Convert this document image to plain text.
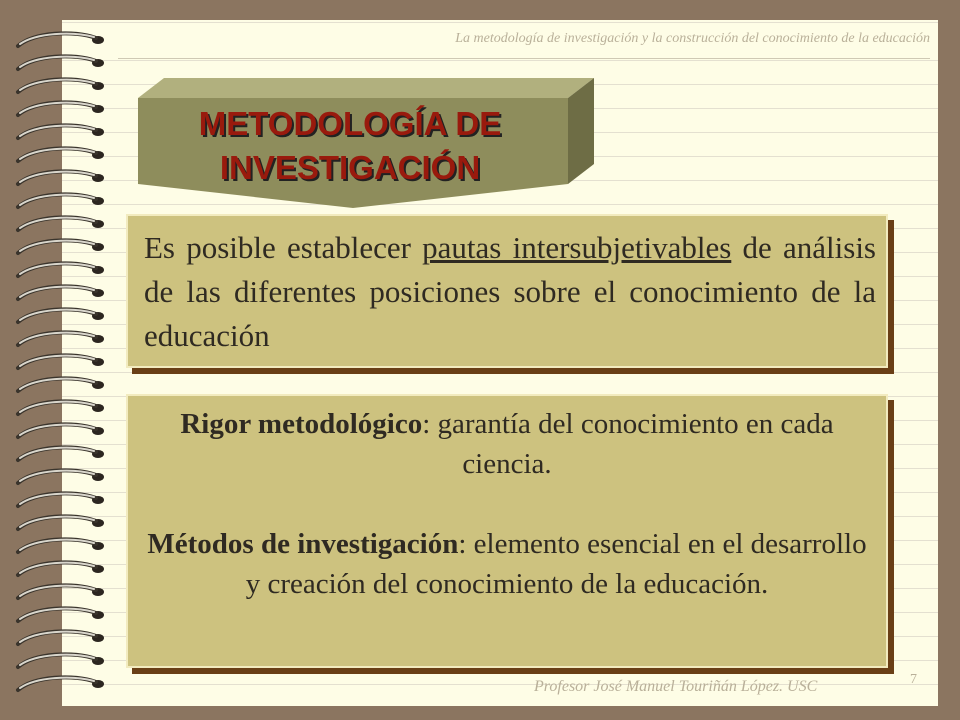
La metodología de investigación y la construcción del conocimiento de la educación
METODOLOGÍA DE
INVESTIGACIÓN
Es posible establecer pautas intersubjetivables de análisis de las diferentes posiciones sobre el conocimiento de la educación
Rigor metodológico: garantía del conocimiento en cada ciencia.
Métodos de investigación: elemento esencial en el desarrollo y creación del conocimiento de la educación.
Profesor José Manuel Touriñán López. USC	7
